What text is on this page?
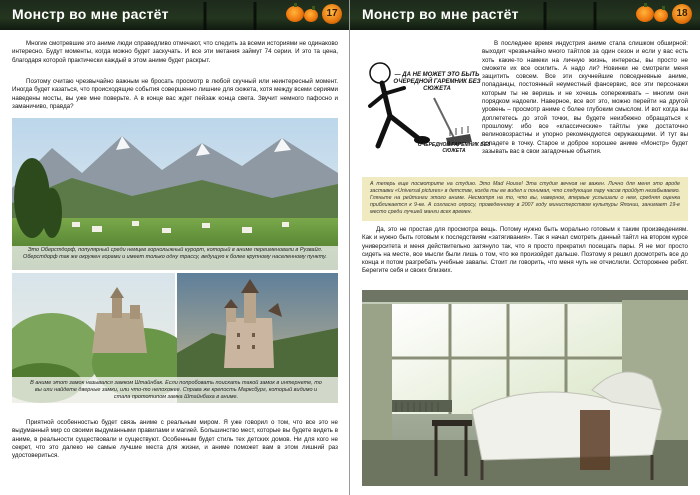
Монстр во мне растёт	17
Многие смотревшие это аниме люди справедливо отмечают, что следить за всеми историями не одинаково интересно. Будут моменты, когда можно будет заскучать. И все эти метания займут 74 серии. И это та цена, благодаря которой практически каждый в этом аниме будет раскрыт.
Поэтому считаю чрезвычайно важным не бросать просмотр в любой скучный или неинтересный момент. Иногда будет казаться, что происходящие события совершенно лишние для сюжета, хотя между всеми сериями наведены мосты, вы уже мне поверьте. А в конце вас ждет пейзаж конца света. Звучит немного пафосно и заманичиво, правда?
Это Оберстдорф, популярный среди немцев горнолыжный курорт, который в аниме переименовали в Рузвайл. Оберстдорф так же окружен горами и имеет только одну трассу, ведущую к более крупному населенному пункту.
В аниме этот замок назывался замком Штайнбак. Если попробовать поискать такой замок в интернете, то вы или найдете дверные замки, или что-то непохожее. Справа же крепость Марксбург, который видимо и стала прототипом замка Штайнбаха в аниме.
Приятной особенностью будет связь аниме с реальным миром. Я уже говорил о том, что все это не выдуманный мир со своими выдуманными правилами и магией. Большинство мест, которые вы будете видеть в аниме, в реальности существовали и существуют. Особенным будет стиль тех детских домов. Ни для кого не секрет, что это далеко не самые лучшие места для жизни, и аниме поможет вам в этом лишний раз удостовериться.
Монстр во мне растёт	18
— ДА НЕ МОЖЕТ ЭТО БЫТЬ ОЧЕРЕДНОЙ ГАРЕМНИК БЕЗ СЮЖЕТА
ОЧЕРЕДНОЙ ГАРЕМНИК БЕЗ СЮЖЕТА
В последнее время индустрия аниме стала слишком обширной: выходит чрезвычайно много тайтлов за один сезон и если у вас есть хоть какие-то намеки на личную жизнь, интересы, вы просто не сможете их все осилить. А надо ли? Новинки не смотрели меня защитить совсем. Все эти скучнейшие повседневные аниме, попаданцы, постоянный неуместный фансервис, все эти персонажи которым ты не веришь и не хочешь сопереживать – многим они порядком надоели. Наверное, все вот это, можно перейти на другой уровень – просмотр аниме с более глубоким смыслом. И вот когда вы доплететесь до этой точки, вы будете неизбежно обращаться к прошлому: ибо все «классические» тайтлы уже достаточно велиновозрастны и упорно рекомендуются окружающими. И тут вы попадете в точку. Старое и доброе хорошее аниме «Монстр» будет зазывать вас в свои загадочные объятия.
А теперь еще посмотрите на студию. Это Mad House! Эта студия вечнов не важен. Лично для меня это вроде заставки «Universal pictures» в детстве, когда ты ее видел и понимал, что следующие пару часов пройдут незабываемо. Гляньте на рейтинги этого аниме. Несмотря на то, что вы, наверное, впервые услышали о нем, средняя оценка приближается к 9-ке. А согласно опросу, проведенному в 2007 году министерством культуры Японии, занимает 19-е место среди лучшей манги всех времен.
Да, это не простая для просмотра вещь. Потому нужно быть морально готовым к таким произведениям. Как и нужно быть готовым к последствиям «затягивания». Так я начал смотреть данный тайтл на втором курсе университета и меня действительно затянуло так, что я просто прекратил посещать пары. Я не мог просто сидеть на месте, все мысли были лишь о том, что же произойдет дальше. Поэтому я решил досмотреть все до конца и потом разгребать учебные завалы. Стоит ли говорить, что меня чуть не отчислили. Осторожнее ребят. Берегите себя и своих близких.
